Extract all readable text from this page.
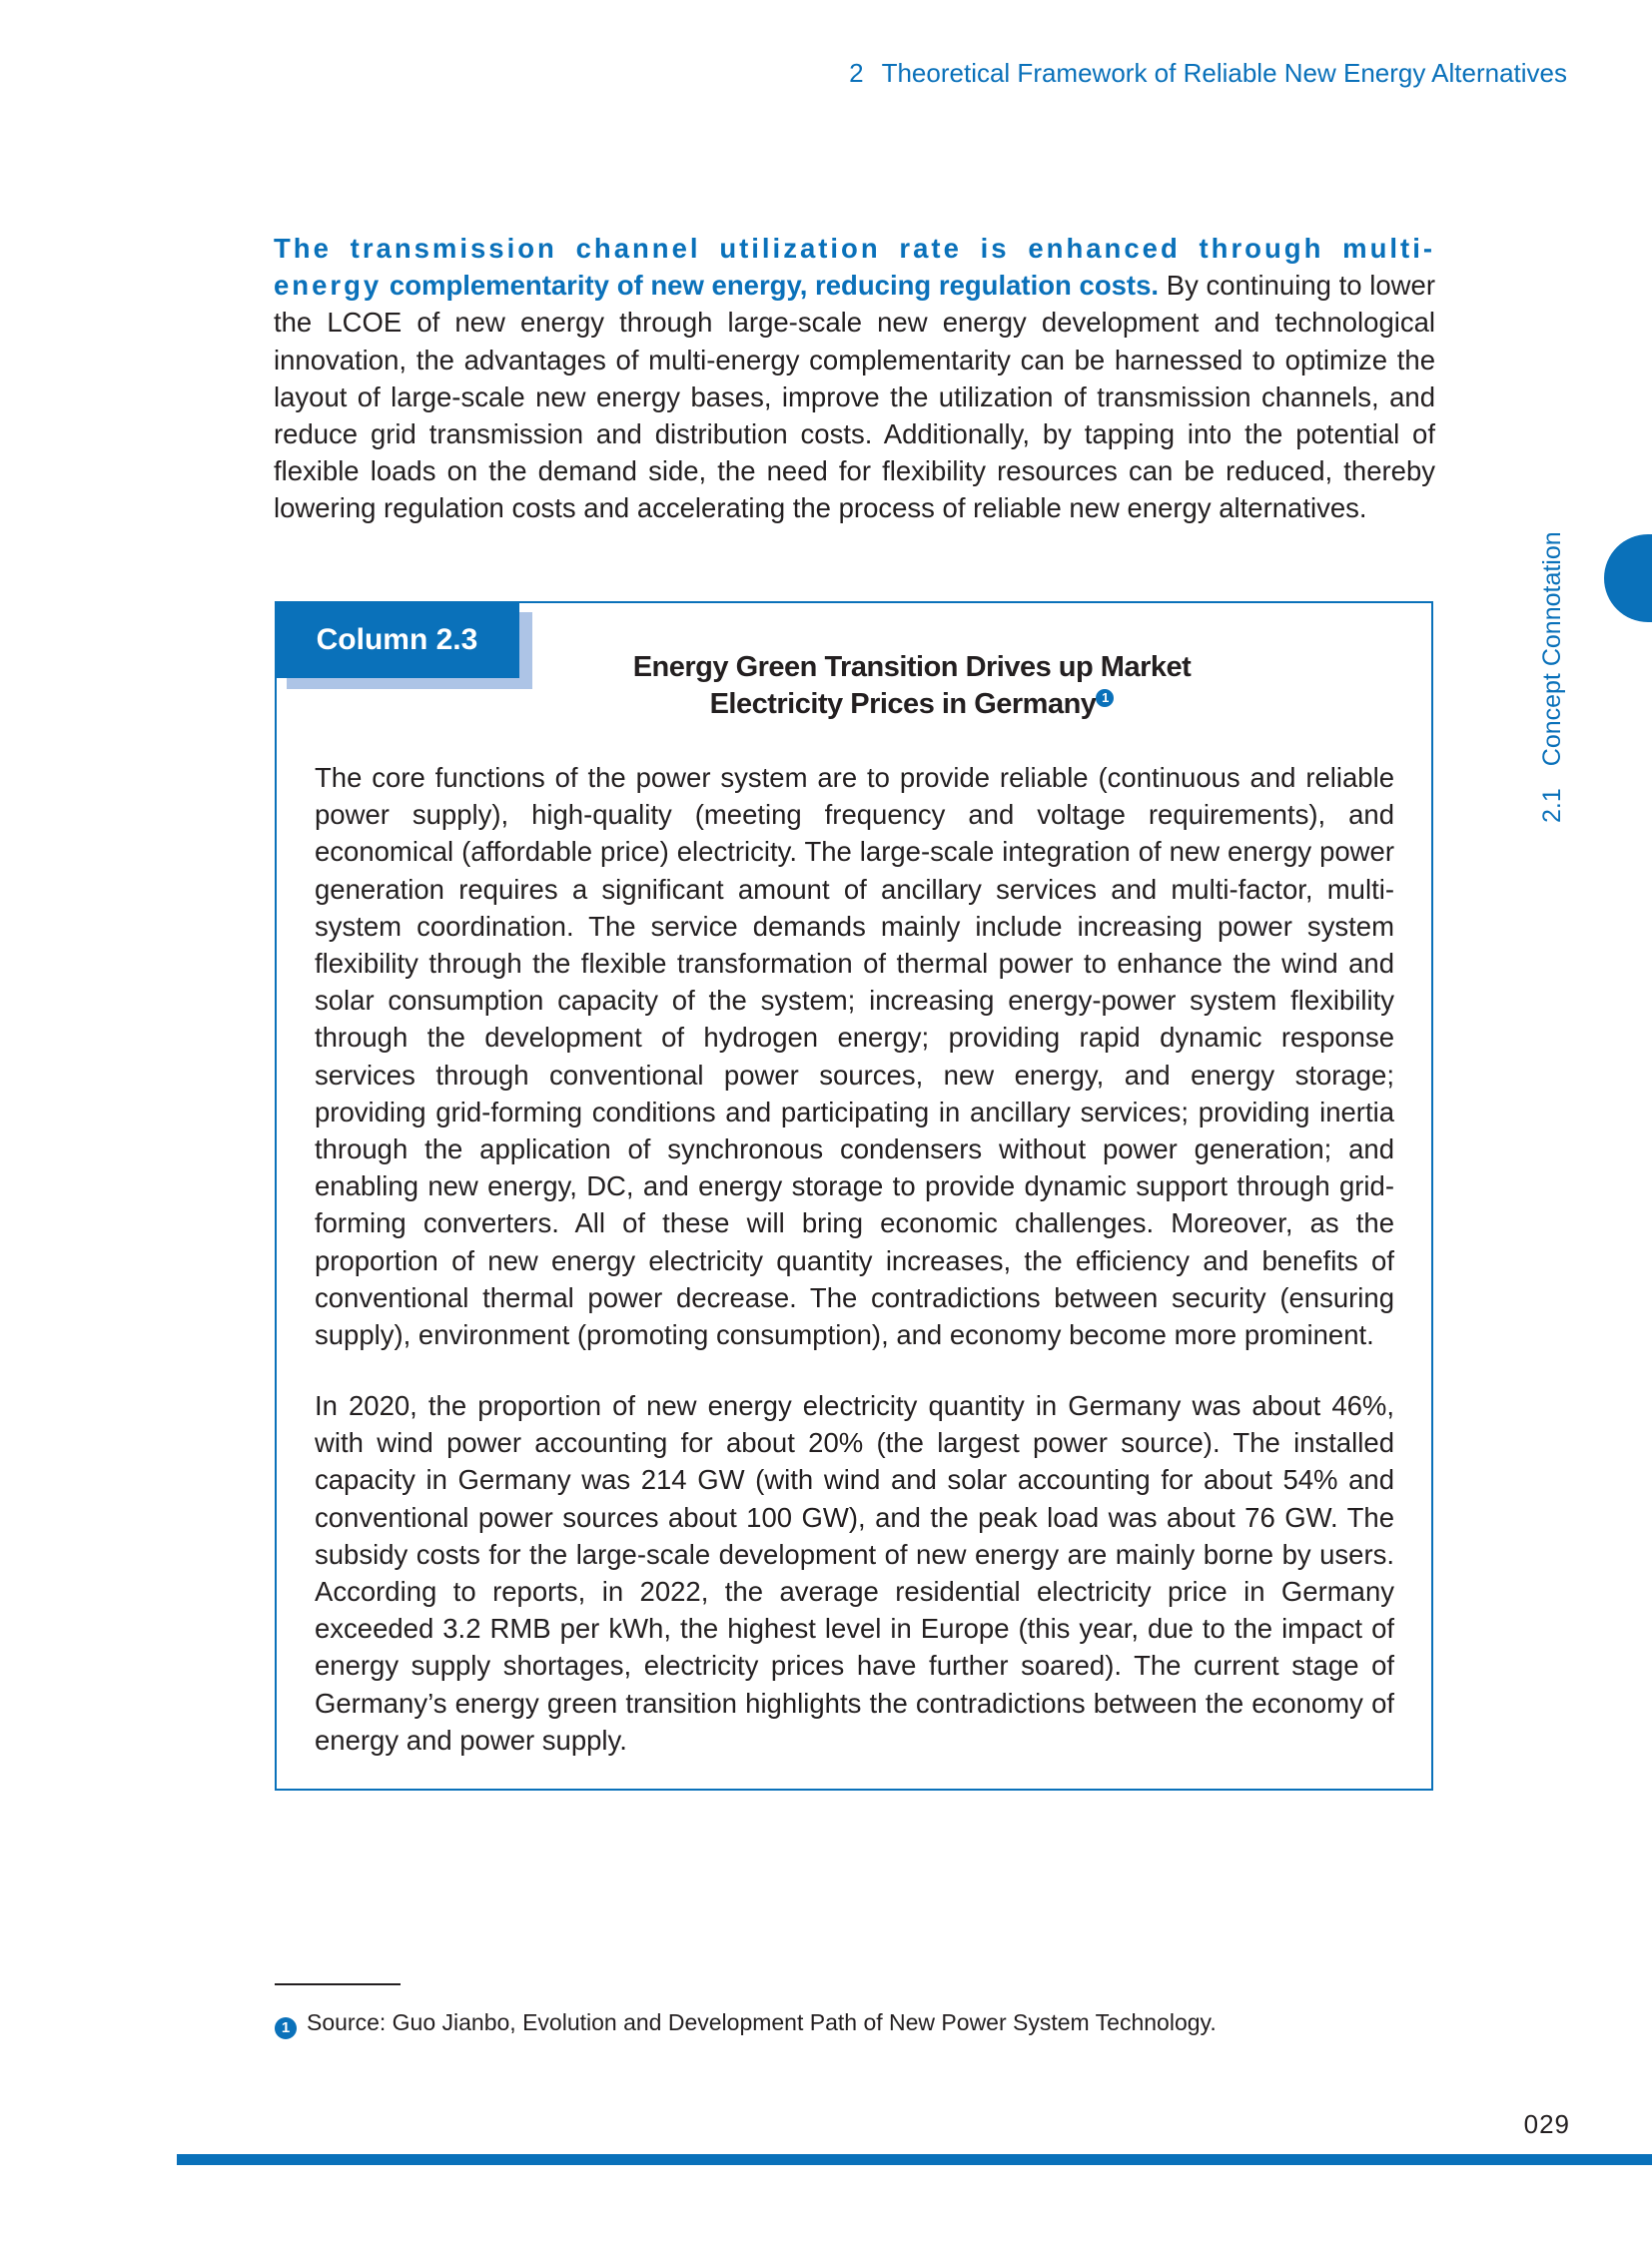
2 Theoretical Framework of Reliable New Energy Alternatives
The transmission channel utilization rate is enhanced through multi-energy complementarity of new energy, reducing regulation costs. By continuing to lower the LCOE of new energy through large-scale new energy development and technological innovation, the advantages of multi-energy complementarity can be harnessed to optimize the layout of large-scale new energy bases, improve the utilization of transmission channels, and reduce grid transmission and distribution costs. Additionally, by tapping into the potential of flexible loads on the demand side, the need for flexibility resources can be reduced, thereby lowering regulation costs and accelerating the process of reliable new energy alternatives.
Column 2.3
Energy Green Transition Drives up Market
Electricity Prices in Germany 1
The core functions of the power system are to provide reliable (continuous and reliable power supply), high-quality (meeting frequency and voltage requirements), and economical (affordable price) electricity. The large-scale integration of new energy power generation requires a significant amount of ancillary services and multi-factor, multi-system coordination. The service demands mainly include increasing power system flexibility through the flexible transformation of thermal power to enhance the wind and solar consumption capacity of the system; increasing energy-power system flexibility through the development of hydrogen energy; providing rapid dynamic response services through conventional power sources, new energy, and energy storage; providing grid-forming conditions and participating in ancillary services; providing inertia through the application of synchronous condensers without power generation; and enabling new energy, DC, and energy storage to provide dynamic support through grid-forming converters. All of these will bring economic challenges. Moreover, as the proportion of new energy electricity quantity increases, the efficiency and benefits of conventional thermal power decrease. The contradictions between security (ensuring supply), environment (promoting consumption), and economy become more prominent.
In 2020, the proportion of new energy electricity quantity in Germany was about 46%, with wind power accounting for about 20% (the largest power source). The installed capacity in Germany was 214 GW (with wind and solar accounting for about 54% and conventional power sources about 100 GW), and the peak load was about 76 GW. The subsidy costs for the large-scale development of new energy are mainly borne by users. According to reports, in 2022, the average residential electricity price in Germany exceeded 3.2 RMB per kWh, the highest level in Europe (this year, due to the impact of energy supply shortages, electricity prices have further soared). The current stage of Germany’s energy green transition highlights the contradictions between the economy of energy and power supply.
2.1Concept Connotation
1 Source: Guo Jianbo, Evolution and Development Path of New Power System Technology.
029
